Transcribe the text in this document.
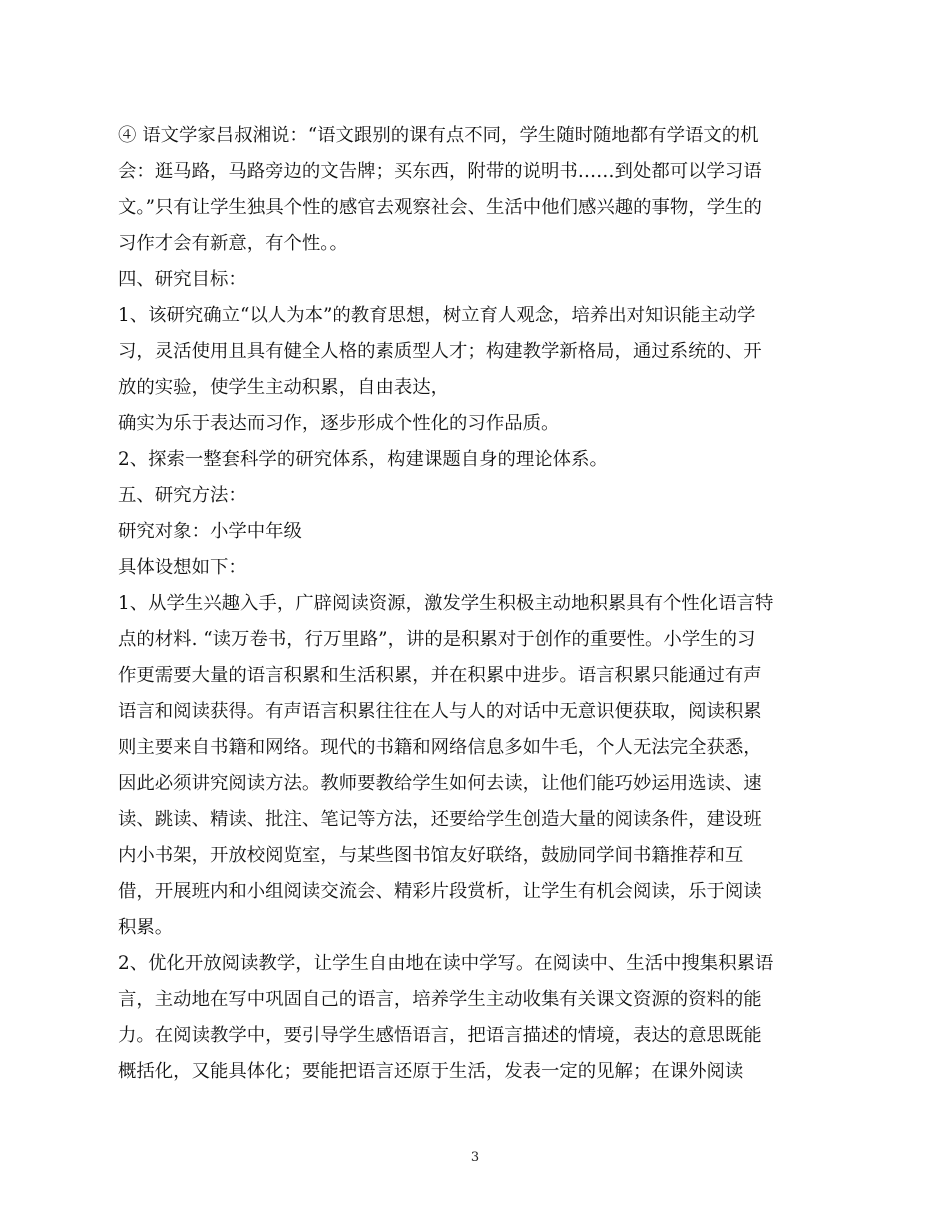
④ 语文学家吕叔湘说：“语文跟别的课有点不同，学生随时随地都有学语文的机
会：逛马路，马路旁边的文告牌；买东西，附带的说明书……到处都可以学习语
文。”只有让学生独具个性的感官去观察社会、生活中他们感兴趣的事物，学生的
习作才会有新意，有个性。。
四、研究目标：
1、该研究确立“以人为本”的教育思想，树立育人观念，培养出对知识能主动学
习，灵活使用且具有健全人格的素质型人才；构建教学新格局，通过系统的、开
放的实验，使学生主动积累，自由表达，
确实为乐于表达而习作，逐步形成个性化的习作品质。
2、探索一整套科学的研究体系，构建课题自身的理论体系。
五、研究方法：
研究对象：小学中年级
具体设想如下：
1、从学生兴趣入手，广辟阅读资源，激发学生积极主动地积累具有个性化语言特
点的材料. “读万卷书，行万里路”，讲的是积累对于创作的重要性。小学生的习
作更需要大量的语言积累和生活积累，并在积累中进步。语言积累只能通过有声
语言和阅读获得。有声语言积累往往在人与人的对话中无意识便获取，阅读积累
则主要来自书籍和网络。现代的书籍和网络信息多如牛毛，个人无法完全获悉，
因此必须讲究阅读方法。教师要教给学生如何去读，让他们能巧妙运用选读、速
读、跳读、精读、批注、笔记等方法，还要给学生创造大量的阅读条件，建设班
内小书架，开放校阅览室，与某些图书馆友好联络，鼓励同学间书籍推荐和互
借，开展班内和小组阅读交流会、精彩片段赏析，让学生有机会阅读，乐于阅读
积累。
2、优化开放阅读教学，让学生自由地在读中学写。在阅读中、生活中搜集积累语
言，主动地在写中巩固自己的语言，培养学生主动收集有关课文资源的资料的能
力。在阅读教学中，要引导学生感悟语言，把语言描述的情境，表达的意思既能
概括化，又能具体化；要能把语言还原于生活，发表一定的见解；在课外阅读
3
